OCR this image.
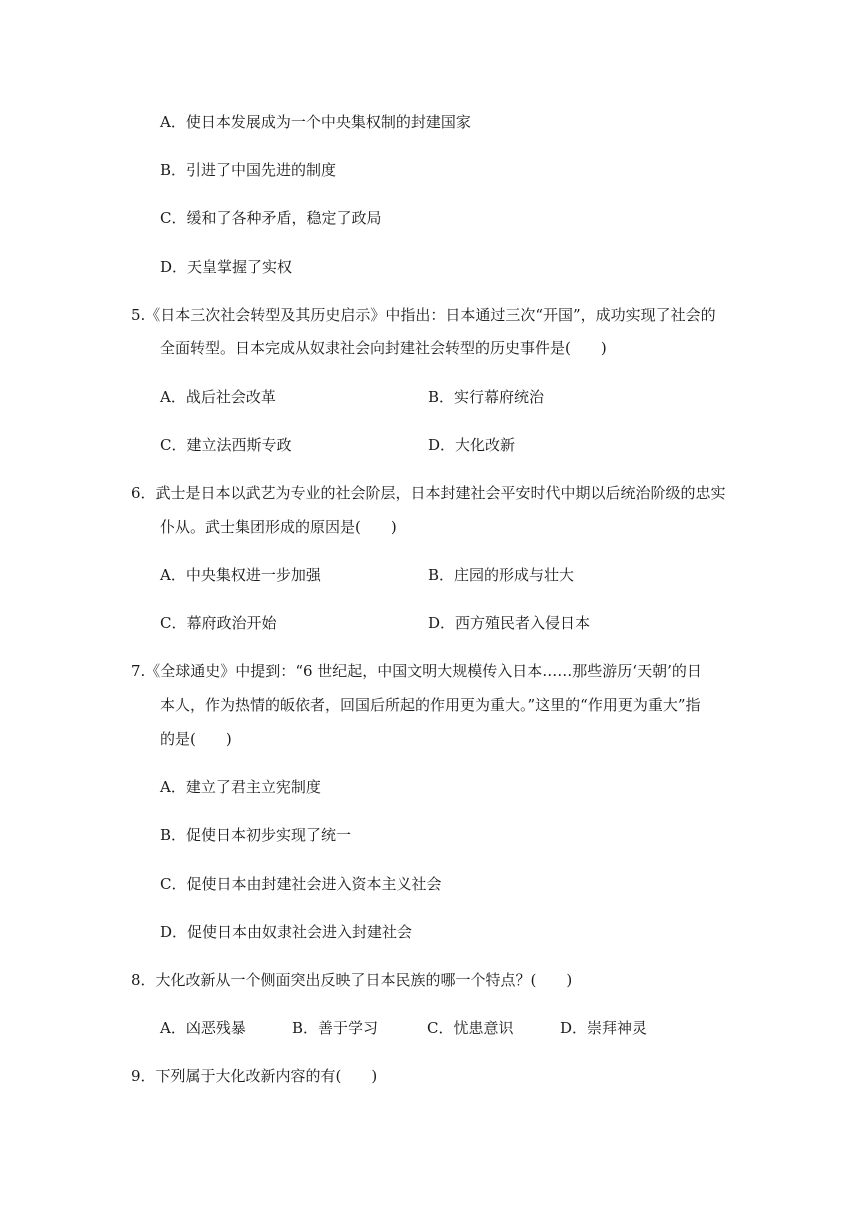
A．使日本发展成为一个中央集权制的封建国家
B．引进了中国先进的制度
C．缓和了各种矛盾，稳定了政局
D．天皇掌握了实权
5.《日本三次社会转型及其历史启示》中指出：日本通过三次“开国”，成功实现了社会的
全面转型。日本完成从奴隶社会向封建社会转型的历史事件是(　　)
A．战后社会改革	B．实行幕府统治
C．建立法西斯专政	D．大化改新
6．武士是日本以武艺为专业的社会阶层，日本封建社会平安时代中期以后统治阶级的忠实
仆从。武士集团形成的原因是(　　)
A．中央集权进一步加强	B．庄园的形成与壮大
C．幕府政治开始	D．西方殖民者入侵日本
7.《全球通史》中提到：“6 世纪起，中国文明大规模传入日本……那些游历‘天朝’的日
本人，作为热情的皈依者，回国后所起的作用更为重大。”这里的“作用更为重大”指
的是(　　)
A．建立了君主立宪制度
B．促使日本初步实现了统一
C．促使日本由封建社会进入资本主义社会
D．促使日本由奴隶社会进入封建社会
8．大化改新从一个侧面突出反映了日本民族的哪一个特点？(　　)
A．凶恶残暴	B．善于学习	C．忧患意识	D．崇拜神灵
9．下列属于大化改新内容的有(　　)
